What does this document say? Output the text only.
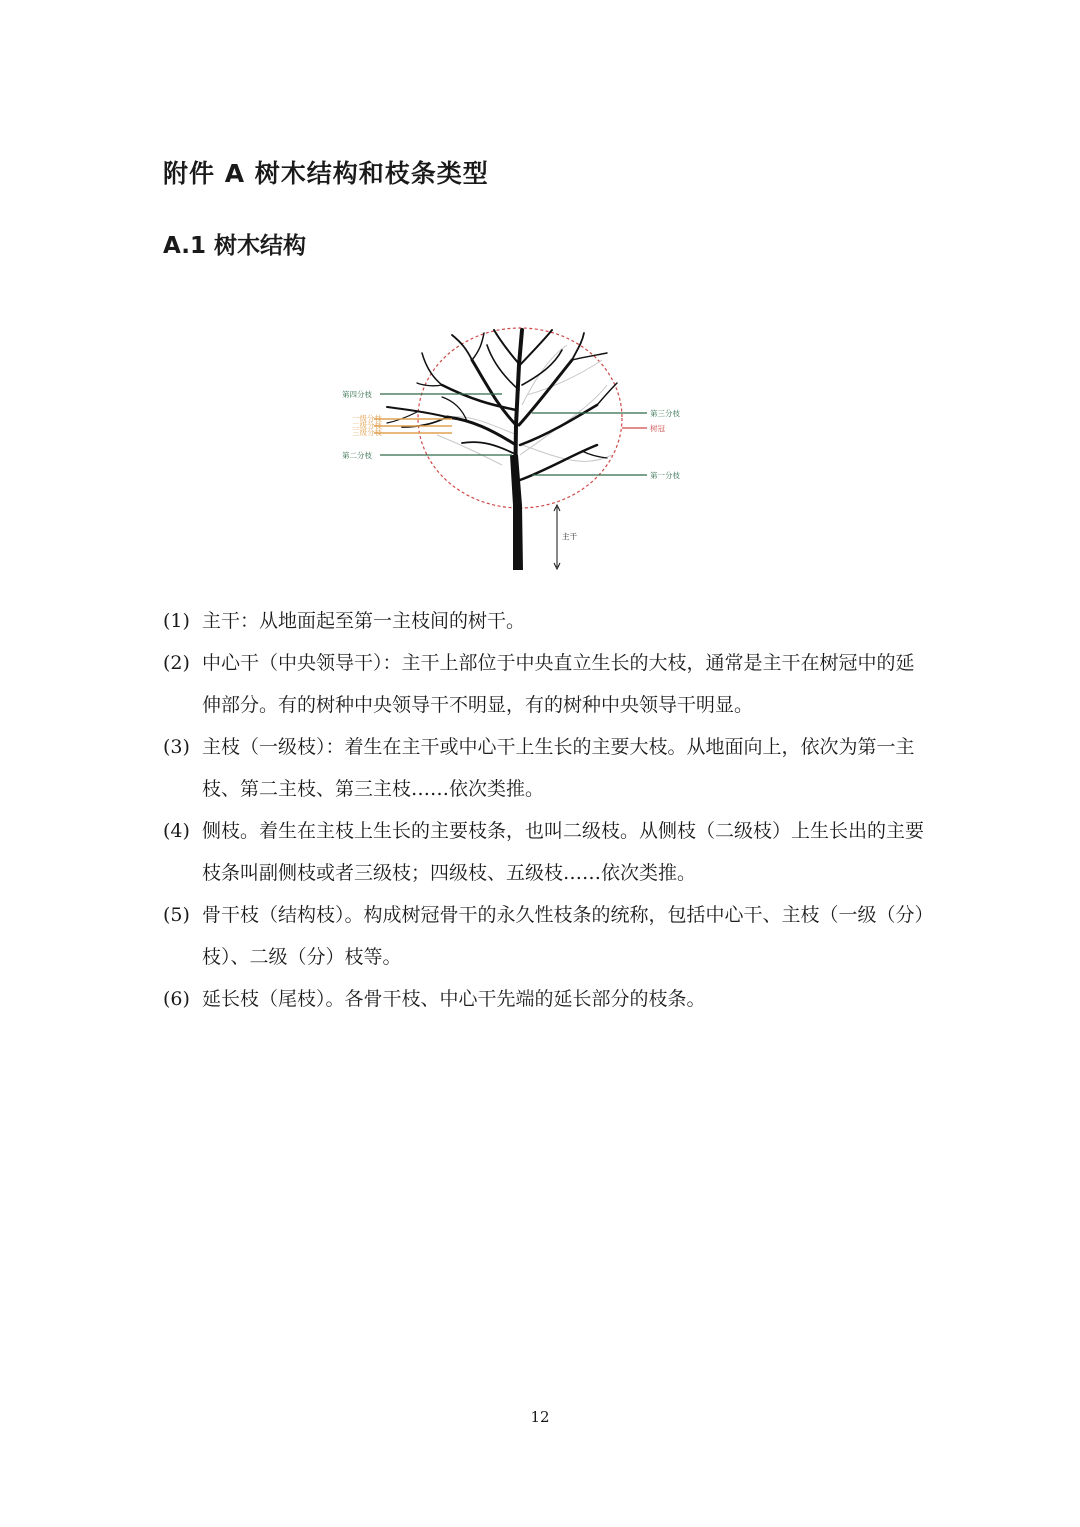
附件 A 树木结构和枝条类型
A.1 树木结构
第四分枝
一级分枝
二级分枝
三级分枝
第二分枝
第三分枝
树冠
第一分枝
主干
(1) 主干：从地面起至第一主枝间的树干。
(2) 中心干（中央领导干）：主干上部位于中央直立生长的大枝，通常是主干在树冠中的延伸部分。有的树种中央领导干不明显，有的树种中央领导干明显。
(3) 主枝（一级枝）：着生在主干或中心干上生长的主要大枝。从地面向上，依次为第一主枝、第二主枝、第三主枝……依次类推。
(4) 侧枝。着生在主枝上生长的主要枝条，也叫二级枝。从侧枝（二级枝）上生长出的主要枝条叫副侧枝或者三级枝；四级枝、五级枝……依次类推。
(5) 骨干枝（结构枝）。构成树冠骨干的永久性枝条的统称，包括中心干、主枝（一级（分）枝）、二级（分）枝等。
(6) 延长枝（尾枝）。各骨干枝、中心干先端的延长部分的枝条。
12
